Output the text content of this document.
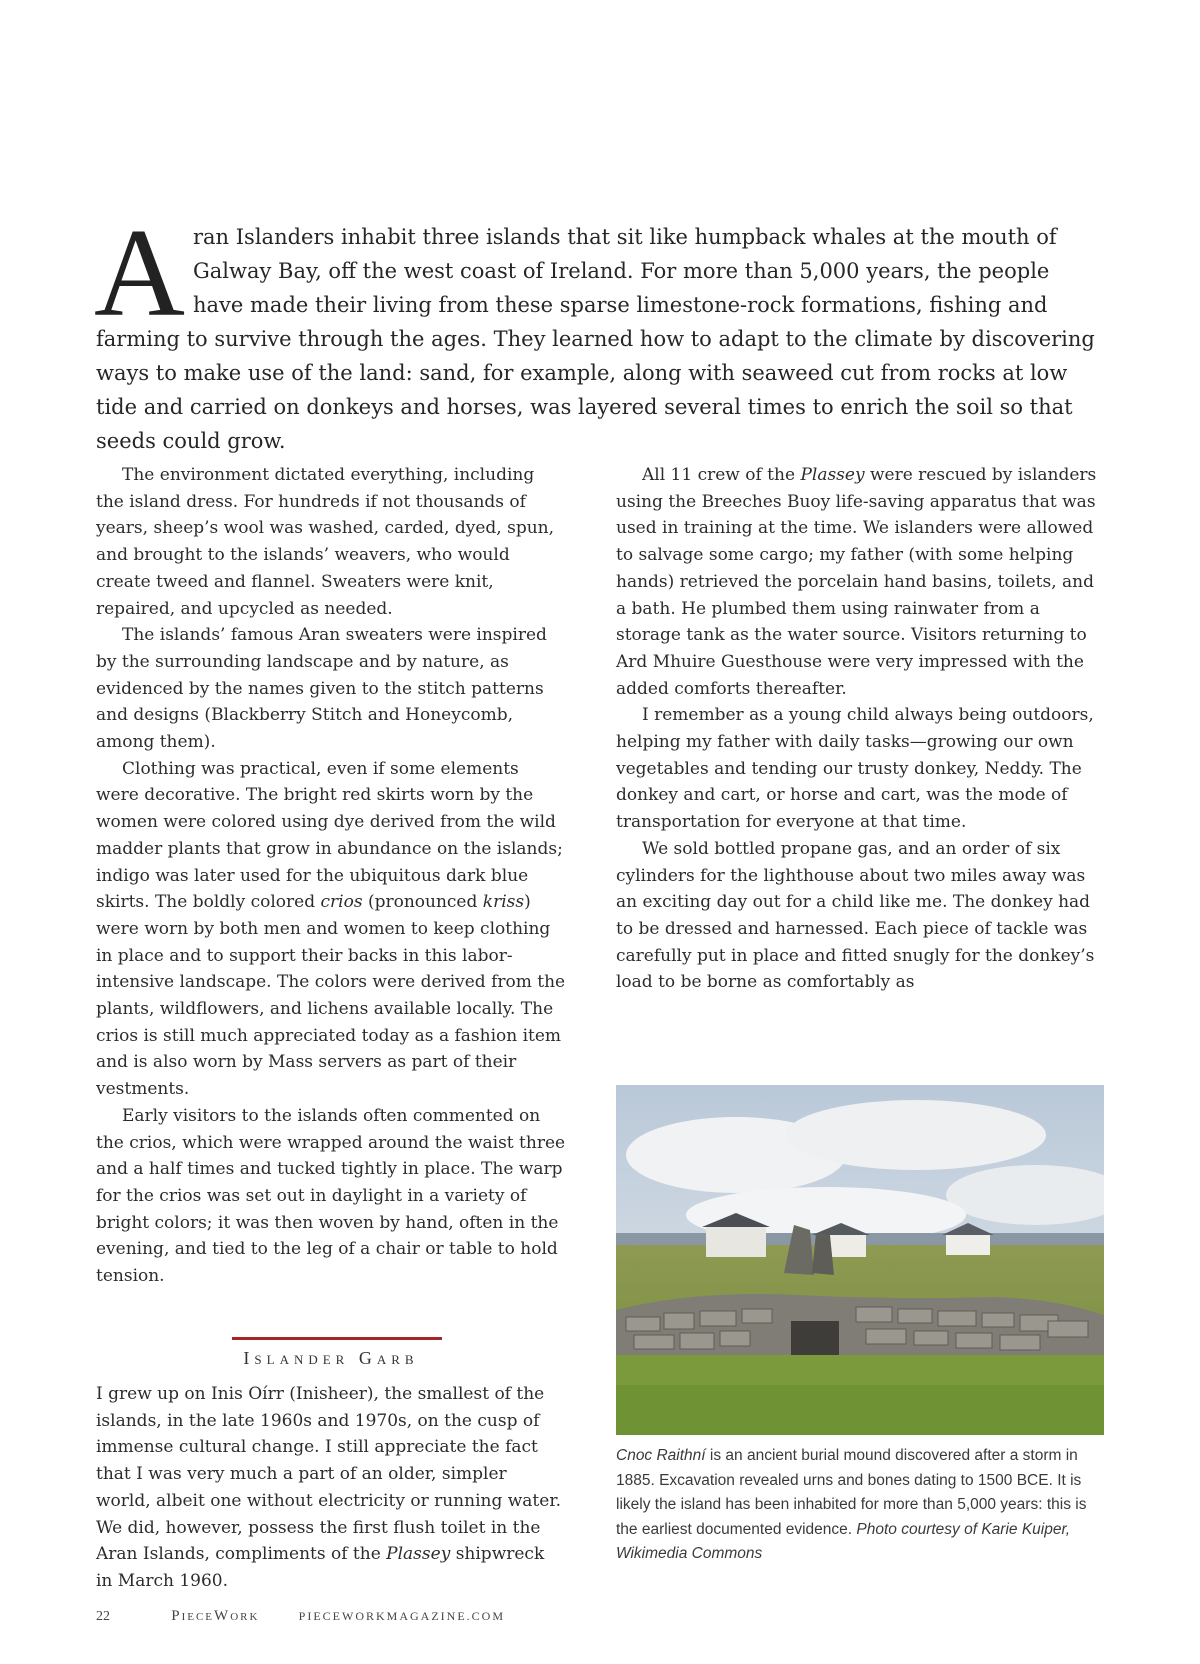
Aran Islanders inhabit three islands that sit like humpback whales at the mouth of Galway Bay, off the west coast of Ireland. For more than 5,000 years, the people have made their living from these sparse limestone-rock formations, fishing and farming to survive through the ages. They learned how to adapt to the climate by discovering ways to make use of the land: sand, for example, along with seaweed cut from rocks at low tide and carried on donkeys and horses, was layered several times to enrich the soil so that seeds could grow.

The environment dictated everything, including the island dress. For hundreds if not thousands of years, sheep’s wool was washed, carded, dyed, spun, and brought to the islands’ weavers, who would create tweed and flannel. Sweaters were knit, repaired, and upcycled as needed.

The islands’ famous Aran sweaters were inspired by the surrounding landscape and by nature, as evidenced by the names given to the stitch patterns and designs (Blackberry Stitch and Honeycomb, among them).

Clothing was practical, even if some elements were decorative. The bright red skirts worn by the women were colored using dye derived from the wild madder plants that grow in abundance on the islands; indigo was later used for the ubiquitous dark blue skirts. The boldly colored crios (pronounced kriss) were worn by both men and women to keep clothing in place and to support their backs in this labor-intensive landscape. The colors were derived from the plants, wildflowers, and lichens available locally. The crios is still much appreciated today as a fashion item and is also worn by Mass servers as part of their vestments.

Early visitors to the islands often commented on the crios, which were wrapped around the waist three and a half times and tucked tightly in place. The warp for the crios was set out in daylight in a variety of bright colors; it was then woven by hand, often in the evening, and tied to the leg of a chair or table to hold tension.

Islander Garb

I grew up on Inis Oírr (Inisheer), the smallest of the islands, in the late 1960s and 1970s, on the cusp of immense cultural change. I still appreciate the fact that I was very much a part of an older, simpler world, albeit one without electricity or running water. We did, however, possess the first flush toilet in the Aran Islands, compliments of the Plassey shipwreck in March 1960.

All 11 crew of the Plassey were rescued by islanders using the Breeches Buoy life-saving apparatus that was used in training at the time. We islanders were allowed to salvage some cargo; my father (with some helping hands) retrieved the porcelain hand basins, toilets, and a bath. He plumbed them using rainwater from a storage tank as the water source. Visitors returning to Ard Mhuire Guesthouse were very impressed with the added comforts thereafter.

I remember as a young child always being outdoors, helping my father with daily tasks—growing our own vegetables and tending our trusty donkey, Neddy. The donkey and cart, or horse and cart, was the mode of transportation for everyone at that time.

We sold bottled propane gas, and an order of six cylinders for the lighthouse about two miles away was an exciting day out for a child like me. The donkey had to be dressed and harnessed. Each piece of tackle was carefully put in place and fitted snugly for the donkey’s load to be borne as comfortably as

Cnoc Raithní is an ancient burial mound discovered after a storm in 1885. Excavation revealed urns and bones dating to 1500 BCE. It is likely the island has been inhabited for more than 5,000 years: this is the earliest documented evidence. Photo courtesy of Karie Kuiper, Wikimedia Commons
22	PieceWork	PIECEWORKMAGAZINE.COM
